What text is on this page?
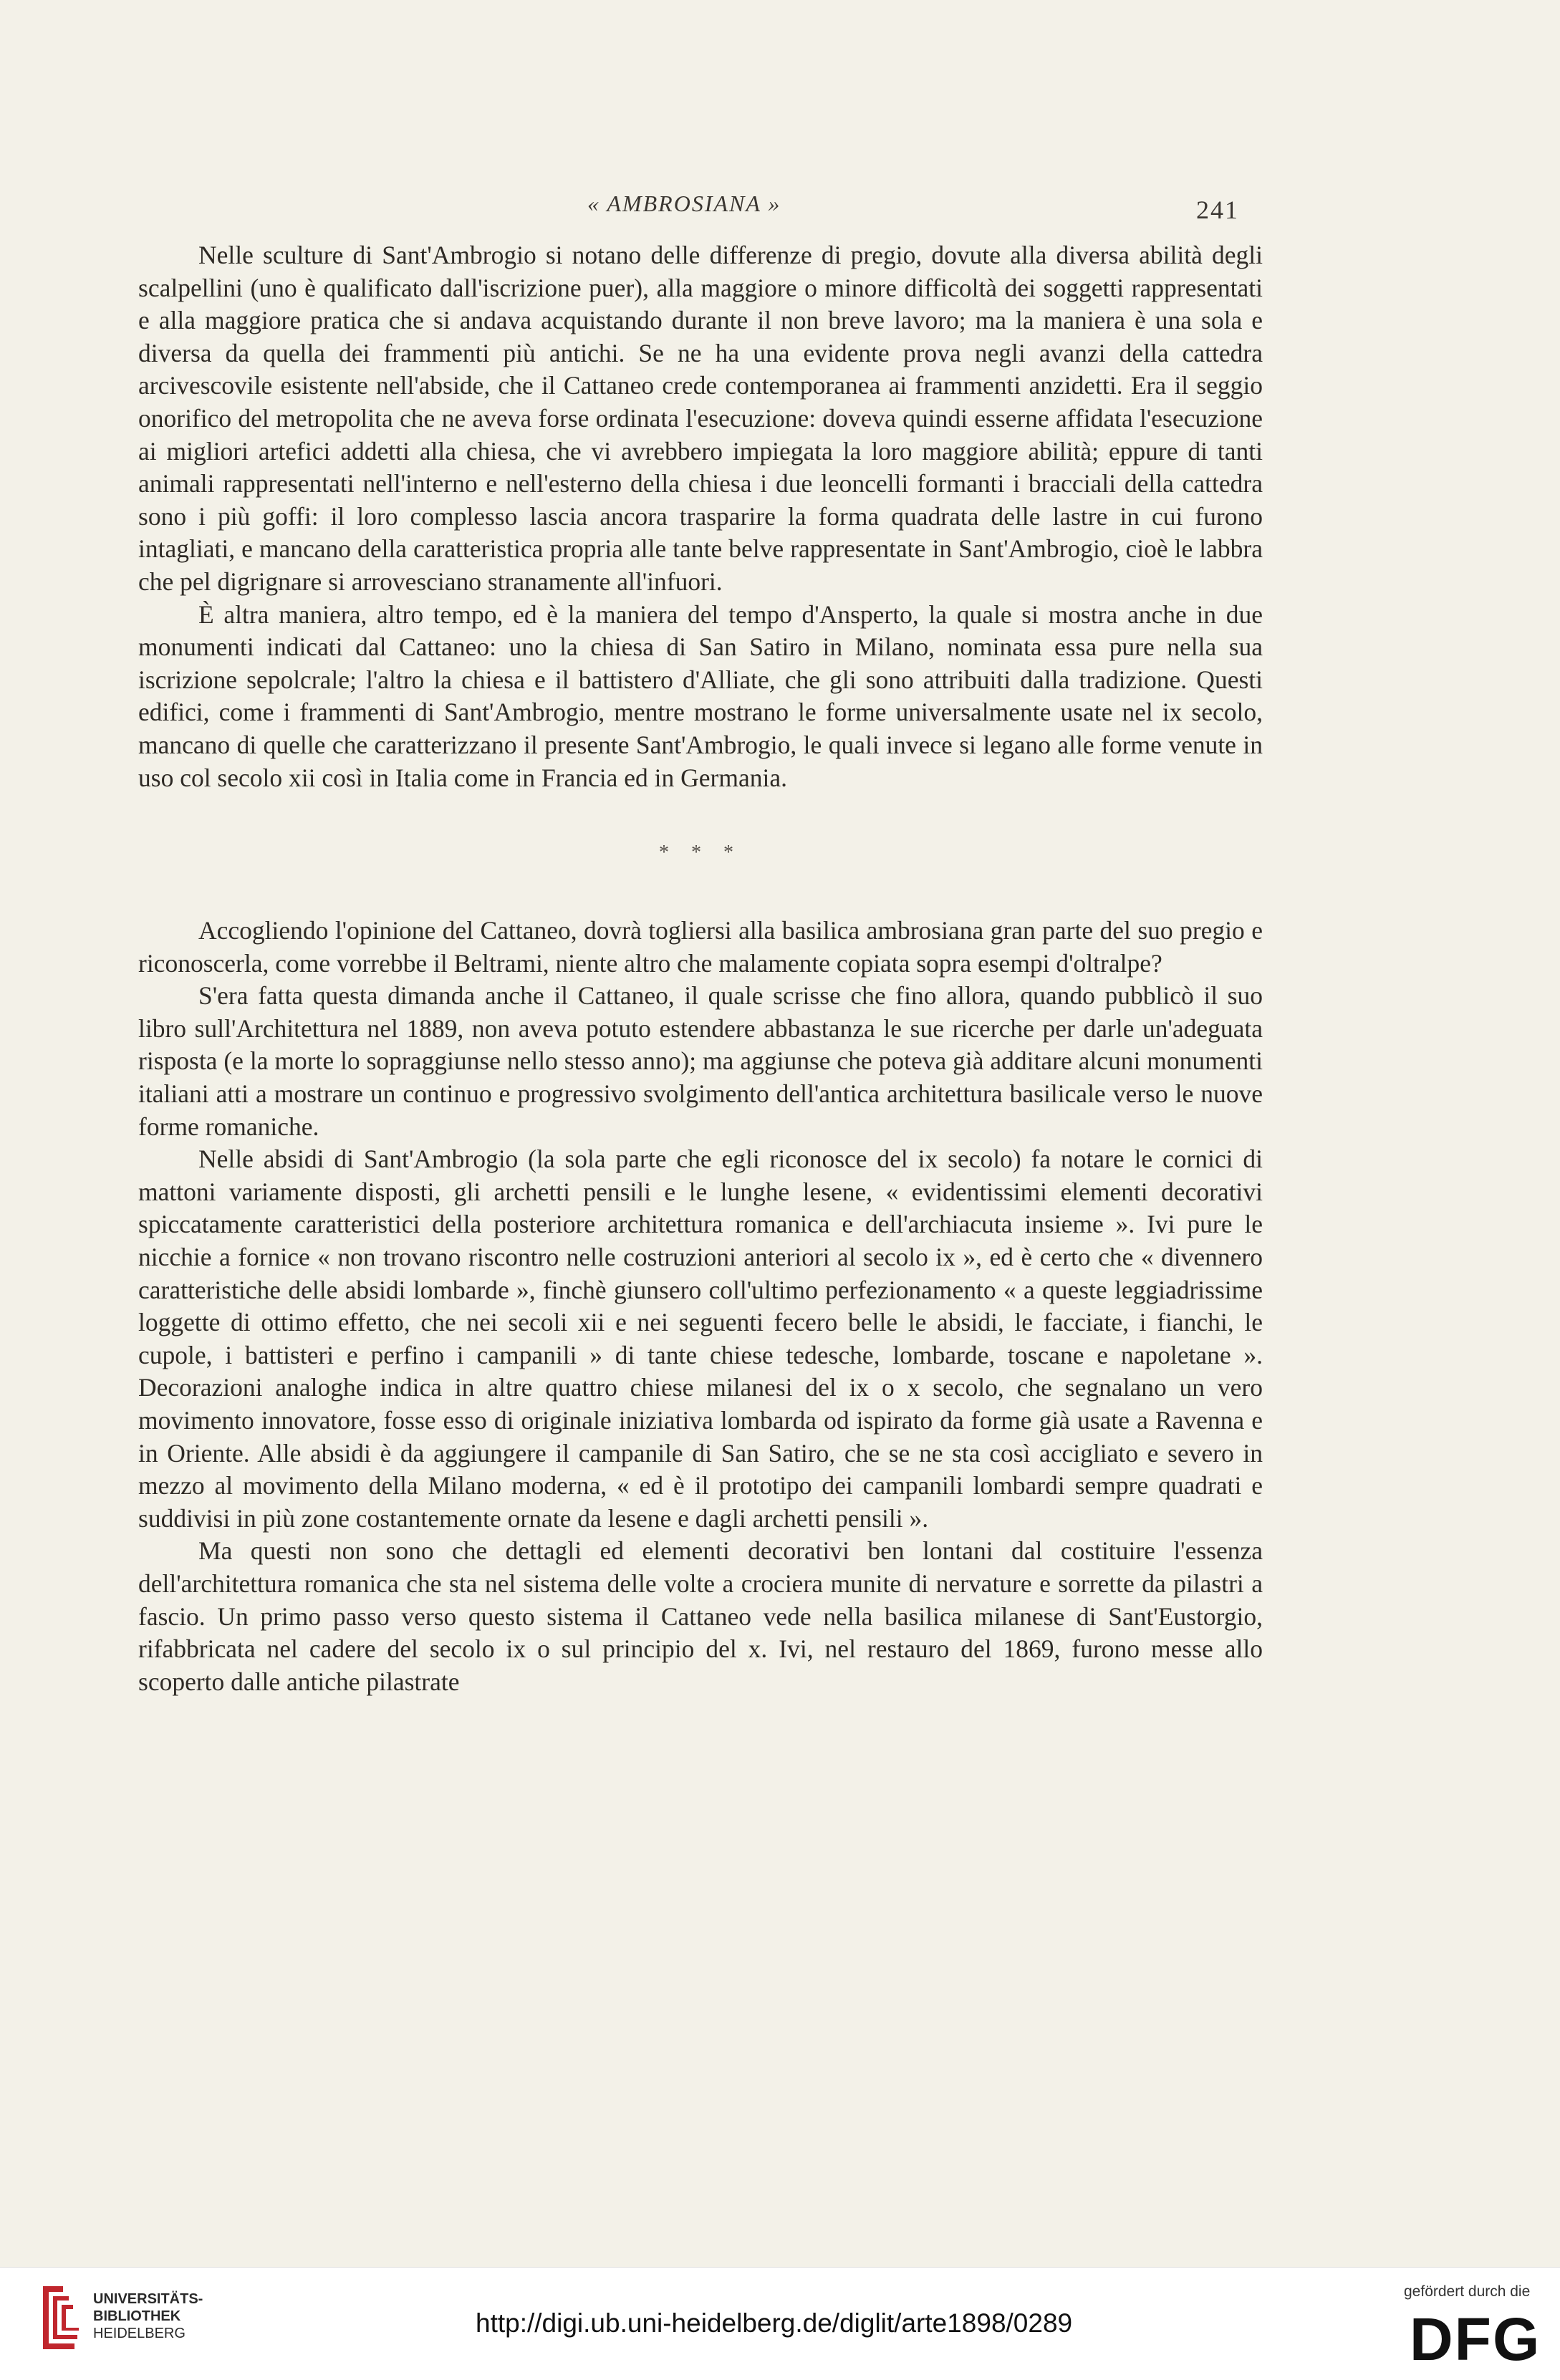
« AMBROSIANA »	241

Nelle sculture di Sant'Ambrogio si notano delle differenze di pregio, dovute alla diversa abilità degli scalpellini (uno è qualificato dall'iscrizione puer), alla maggiore o minore difficoltà dei soggetti rappresentati e alla maggiore pratica che si andava acquistando durante il non breve lavoro; ma la maniera è una sola e diversa da quella dei frammenti più antichi. Se ne ha una evidente prova negli avanzi della cattedra arcivescovile esistente nell'abside, che il Cattaneo crede contemporanea ai frammenti anzidetti. Era il seggio onorifico del metropolita che ne aveva forse ordinata l'esecuzione: doveva quindi esserne affidata l'esecuzione ai migliori artefici addetti alla chiesa, che vi avrebbero impiegata la loro maggiore abilità; eppure di tanti animali rappresentati nell'interno e nell'esterno della chiesa i due leoncelli formanti i bracciali della cattedra sono i più goffi: il loro complesso lascia ancora trasparire la forma quadrata delle lastre in cui furono intagliati, e mancano della caratteristica propria alle tante belve rappresentate in Sant'Ambrogio, cioè le labbra che pel digrignare si arrovesciano stranamente all'infuori.

È altra maniera, altro tempo, ed è la maniera del tempo d'Ansperto, la quale si mostra anche in due monumenti indicati dal Cattaneo: uno la chiesa di San Satiro in Milano, nominata essa pure nella sua iscrizione sepolcrale; l'altro la chiesa e il battistero d'Alliate, che gli sono attribuiti dalla tradizione. Questi edifici, come i frammenti di Sant'Ambrogio, mentre mostrano le forme universalmente usate nel ix secolo, mancano di quelle che caratterizzano il presente Sant'Ambrogio, le quali invece si legano alle forme venute in uso col secolo xii così in Italia come in Francia ed in Germania.

* * *

Accogliendo l'opinione del Cattaneo, dovrà togliersi alla basilica ambrosiana gran parte del suo pregio e riconoscerla, come vorrebbe il Beltrami, niente altro che malamente copiata sopra esempi d'oltralpe?

S'era fatta questa dimanda anche il Cattaneo, il quale scrisse che fino allora, quando pubblicò il suo libro sull'Architettura nel 1889, non aveva potuto estendere abbastanza le sue ricerche per darle un'adeguata risposta (e la morte lo sopraggiunse nello stesso anno); ma aggiunse che poteva già additare alcuni monumenti italiani atti a mostrare un continuo e progressivo svolgimento dell'antica architettura basilicale verso le nuove forme romaniche.

Nelle absidi di Sant'Ambrogio (la sola parte che egli riconosce del ix secolo) fa notare le cornici di mattoni variamente disposti, gli archetti pensili e le lunghe lesene, « evidentissimi elementi decorativi spiccatamente caratteristici della posteriore architettura romanica e dell'archiacuta insieme ». Ivi pure le nicchie a fornice « non trovano riscontro nelle costruzioni anteriori al secolo ix », ed è certo che « divennero caratteristiche delle absidi lombarde », finchè giunsero coll'ultimo perfezionamento « a queste leggiadrissime loggette di ottimo effetto, che nei secoli xii e nei seguenti fecero belle le absidi, le facciate, i fianchi, le cupole, i battisteri e perfino i campanili » di tante chiese tedesche, lombarde, toscane e napoletane ». Decorazioni analoghe indica in altre quattro chiese milanesi del ix o x secolo, che segnalano un vero movimento innovatore, fosse esso di originale iniziativa lombarda od ispirato da forme già usate a Ravenna e in Oriente. Alle absidi è da aggiungere il campanile di San Satiro, che se ne sta così accigliato e severo in mezzo al movimento della Milano moderna, « ed è il prototipo dei campanili lombardi sempre quadrati e suddivisi in più zone costantemente ornate da lesene e dagli archetti pensili ».

Ma questi non sono che dettagli ed elementi decorativi ben lontani dal costituire l'essenza dell'architettura romanica che sta nel sistema delle volte a crociera munite di nervature e sorrette da pilastri a fascio. Un primo passo verso questo sistema il Cattaneo vede nella basilica milanese di Sant'Eustorgio, rifabbricata nel cadere del secolo ix o sul principio del x. Ivi, nel restauro del 1869, furono messe allo scoperto dalle antiche pilastrate

UNIVERSITÄTS-
BIBLIOTHEK
HEIDELBERG	http://digi.ub.uni-heidelberg.de/diglit/arte1898/0289
gefördert durch die
DFG
